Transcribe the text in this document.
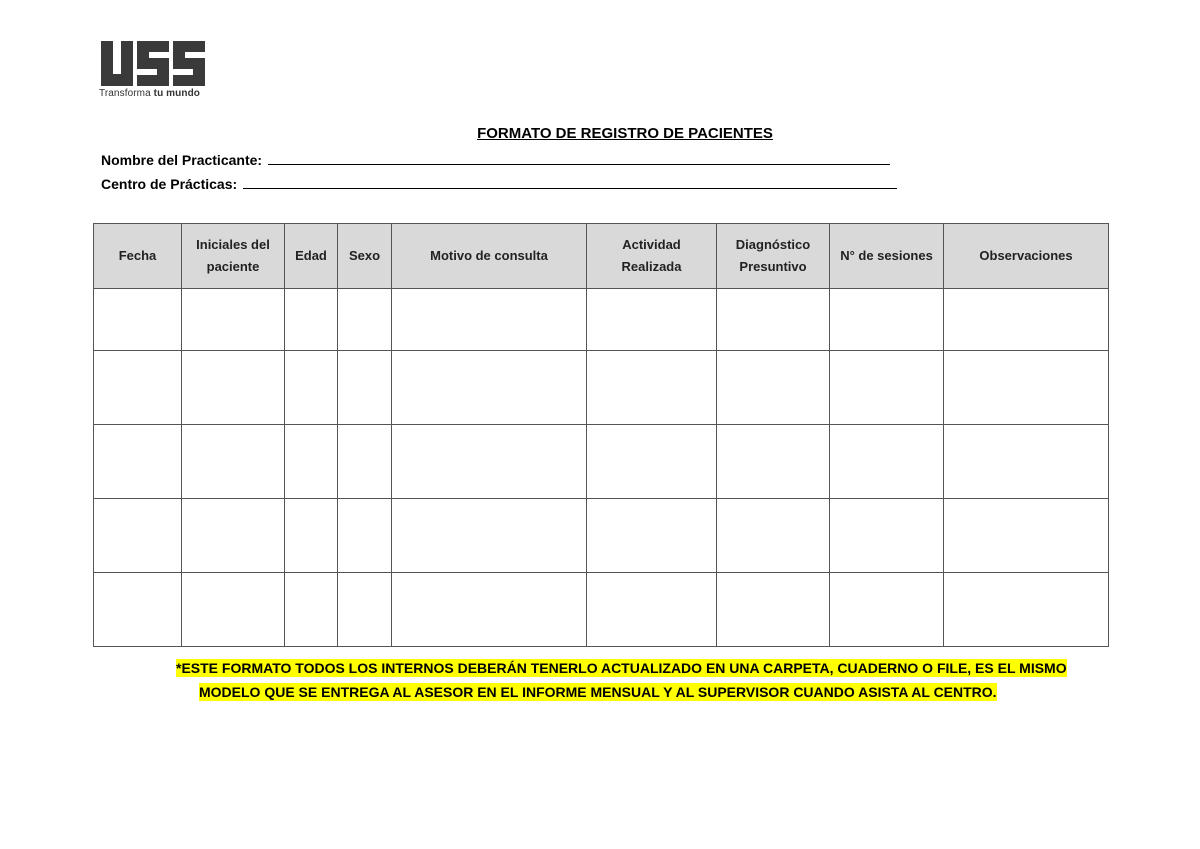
Transforma tu mundo
FORMATO DE REGISTRO DE PACIENTES
Nombre del Practicante:
Centro de Prácticas:
Fecha	Iniciales del paciente	Edad	Sexo	Motivo de consulta	Actividad Realizada	Diagnóstico Presuntivo	N° de sesiones	Observaciones

*ESTE FORMATO TODOS LOS INTERNOS DEBERÁN TENERLO ACTUALIZADO EN UNA CARPETA, CUADERNO O FILE, ES EL MISMO
MODELO QUE SE ENTREGA AL ASESOR EN EL INFORME MENSUAL Y AL SUPERVISOR CUANDO ASISTA AL CENTRO.
